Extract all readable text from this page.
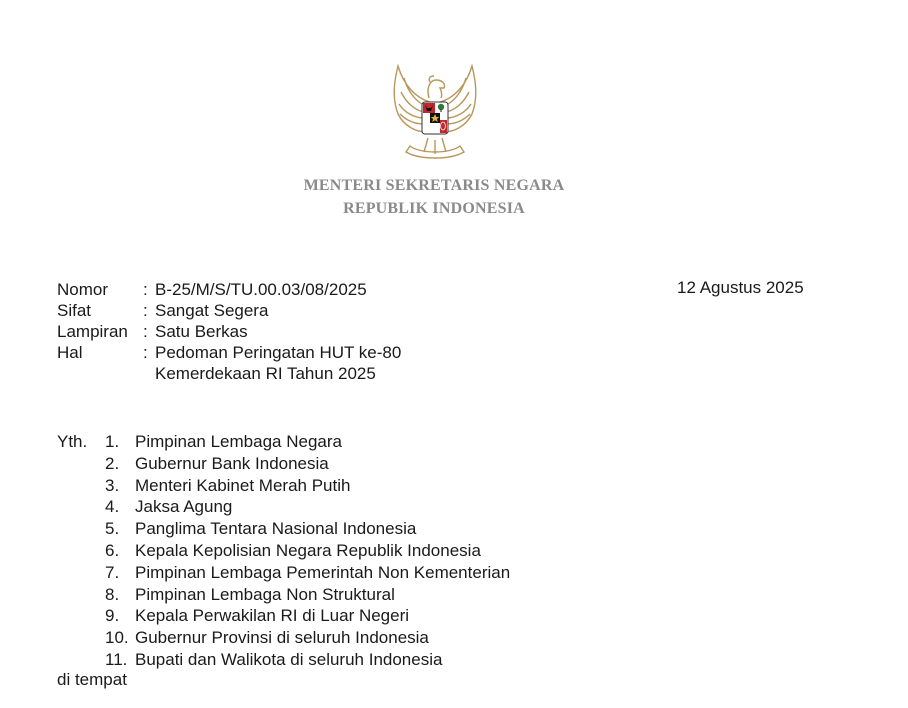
MENTERI SEKRETARIS NEGARA
REPUBLIK INDONESIA
Nomor	: B-25/M/S/TU.00.03/08/2025
Sifat	: Sangat Segera
Lampiran : Satu Berkas
Hal	: Pedoman Peringatan HUT ke-80
Kemerdekaan RI Tahun 2025
12 Agustus 2025
Yth.	1. Pimpinan Lembaga Negara
2. Gubernur Bank Indonesia
3. Menteri Kabinet Merah Putih
4. Jaksa Agung
5. Panglima Tentara Nasional Indonesia
6. Kepala Kepolisian Negara Republik Indonesia
7. Pimpinan Lembaga Pemerintah Non Kementerian
8. Pimpinan Lembaga Non Struktural
9. Kepala Perwakilan RI di Luar Negeri
10. Gubernur Provinsi di seluruh Indonesia
11. Bupati dan Walikota di seluruh Indonesia
di tempat
